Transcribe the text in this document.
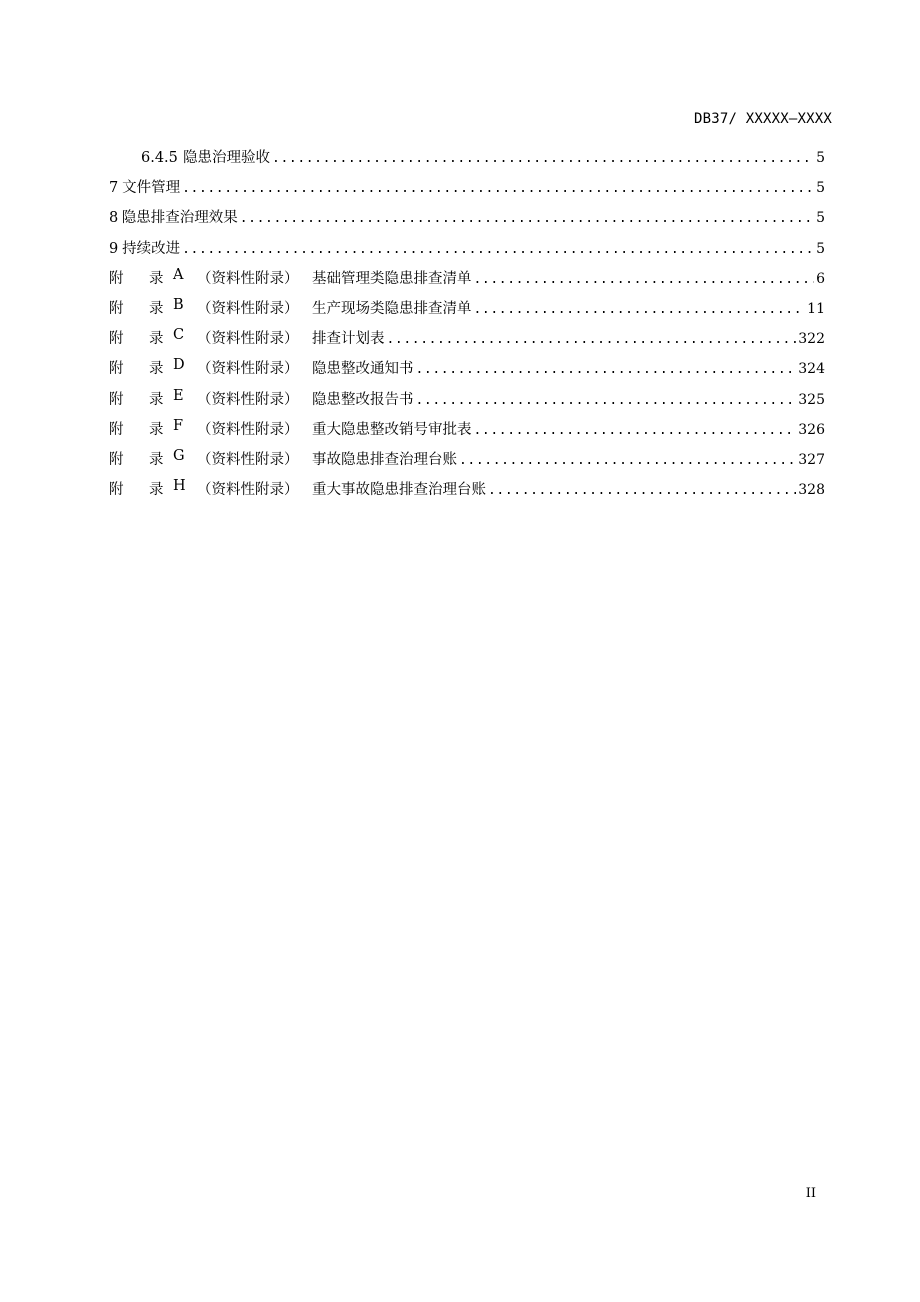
DB37/ XXXXX—XXXX
6.4.5 隐患治理验收 .....	5
7 文件管理 .....	5
8 隐患排查治理效果 .....	5
9 持续改进 .....	5
附	录 A （资料性附录） 基础管理类隐患排查清单 .....	6
附	录 B （资料性附录） 生产现场类隐患排查清单 .....	11
附	录 C （资料性附录） 排查计划表 .....	322
附	录 D （资料性附录） 隐患整改通知书 .....	324
附	录 E （资料性附录） 隐患整改报告书 .....	325
附	录 F （资料性附录） 重大隐患整改销号审批表 .....	326
附	录 G （资料性附录） 事故隐患排查治理台账 .....	327
附	录 H （资料性附录） 重大事故隐患排查治理台账 .....	328
II
